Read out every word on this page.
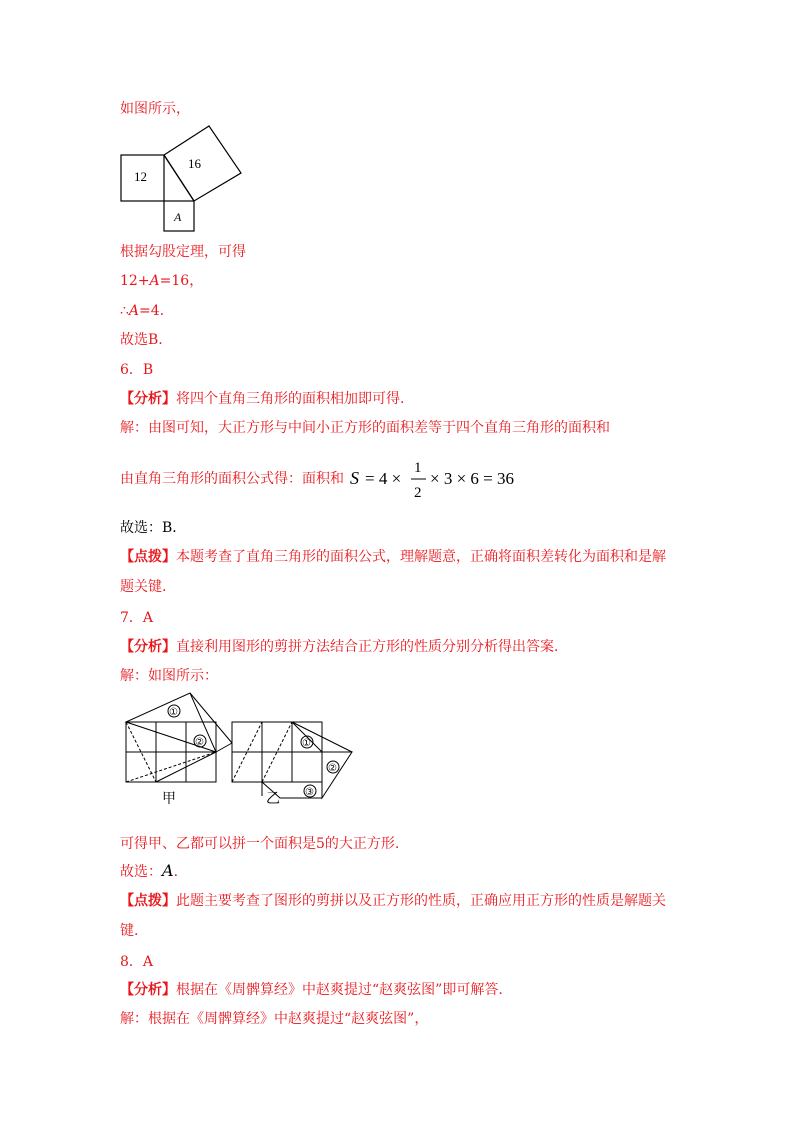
如图所示，
12
16
A
根据勾股定理，可得
12+A=16，
∴A=4.
故选B.
6．B
【分析】将四个直角三角形的面积相加即可得.
解：由图可知，大正方形与中间小正方形的面积差等于四个直角三角形的面积和
由直角三角形的面积公式得：面积和 S = 4 ×
1
2
× 3 × 6 = 36
故选：B．
【点拨】本题考查了直角三角形的面积公式，理解题意，正确将面积差转化为面积和是解
题关键.
7．A
【分析】直接利用图形的剪拼方法结合正方形的性质分别分析得出答案.
解：如图所示：
①
②	①
②
③
甲	乙
可得甲、乙都可以拼一个面积是5的大正方形.
故选：A.
【点拨】此题主要考查了图形的剪拼以及正方形的性质，正确应用正方形的性质是解题关
键.
8．A
【分析】根据在《周髀算经》中赵爽提过“赵爽弦图”即可解答.
解：根据在《周髀算经》中赵爽提过“赵爽弦图”，
